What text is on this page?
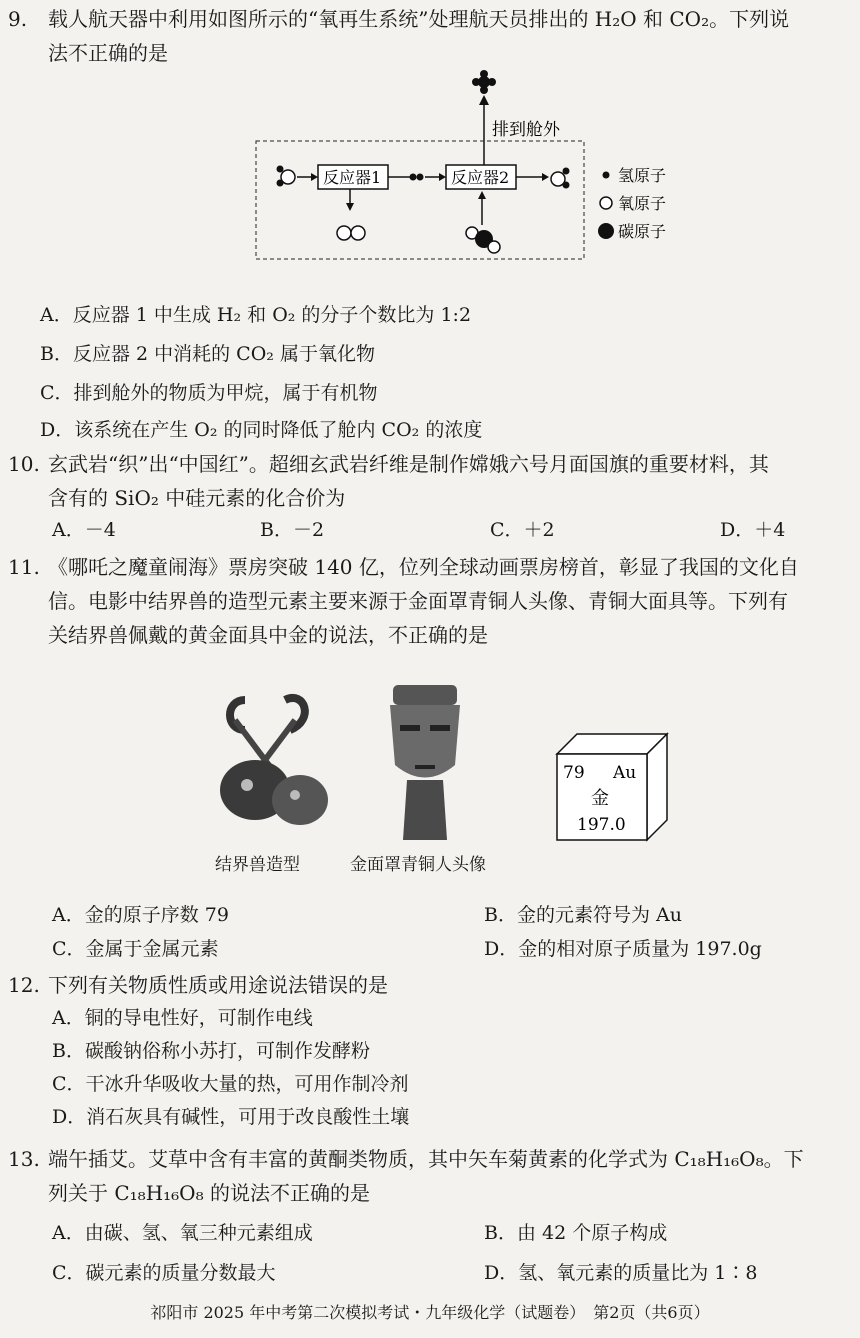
9. 载人航天器中利用如图所示的“氧再生系统”处理航天员排出的 H₂O 和 CO₂。下列说
法不正确的是
排到舱外
反应器1	反应器2	氢原子
氧原子
碳原子
A．反应器 1 中生成 H₂ 和 O₂ 的分子个数比为 1:2
B．反应器 2 中消耗的 CO₂ 属于氧化物
C．排到舱外的物质为甲烷，属于有机物
D．该系统在产生 O₂ 的同时降低了舱内 CO₂ 的浓度
10. 玄武岩“织”出“中国红”。超细玄武岩纤维是制作嫦娥六号月面国旗的重要材料，其
含有的 SiO₂ 中硅元素的化合价为
A．－4	B．－2	C．＋2	D．＋4
11. 《哪吒之魔童闹海》票房突破 140 亿，位列全球动画票房榜首，彰显了我国的文化自
信。电影中结界兽的造型元素主要来源于金面罩青铜人头像、青铜大面具等。下列有
关结界兽佩戴的黄金面具中金的说法，不正确的是
结界兽造型	金面罩青铜人头像
79 Au
金
197.0
A．金的原子序数 79	B．金的元素符号为 Au
C．金属于金属元素	D．金的相对原子质量为 197.0g
12. 下列有关物质性质或用途说法错误的是
A．铜的导电性好，可制作电线
B．碳酸钠俗称小苏打，可制作发酵粉
C．干冰升华吸收大量的热，可用作制冷剂
D．消石灰具有碱性，可用于改良酸性土壤
13. 端午插艾。艾草中含有丰富的黄酮类物质，其中矢车菊黄素的化学式为 C₁₈H₁₆O₈。下
列关于 C₁₈H₁₆O₈ 的说法不正确的是
A．由碳、氢、氧三种元素组成	B．由 42 个原子构成
C．碳元素的质量分数最大	D．氢、氧元素的质量比为 1∶8
祁阳市 2025 年中考第二次模拟考试・九年级化学（试题卷）　第2页（共6页）
